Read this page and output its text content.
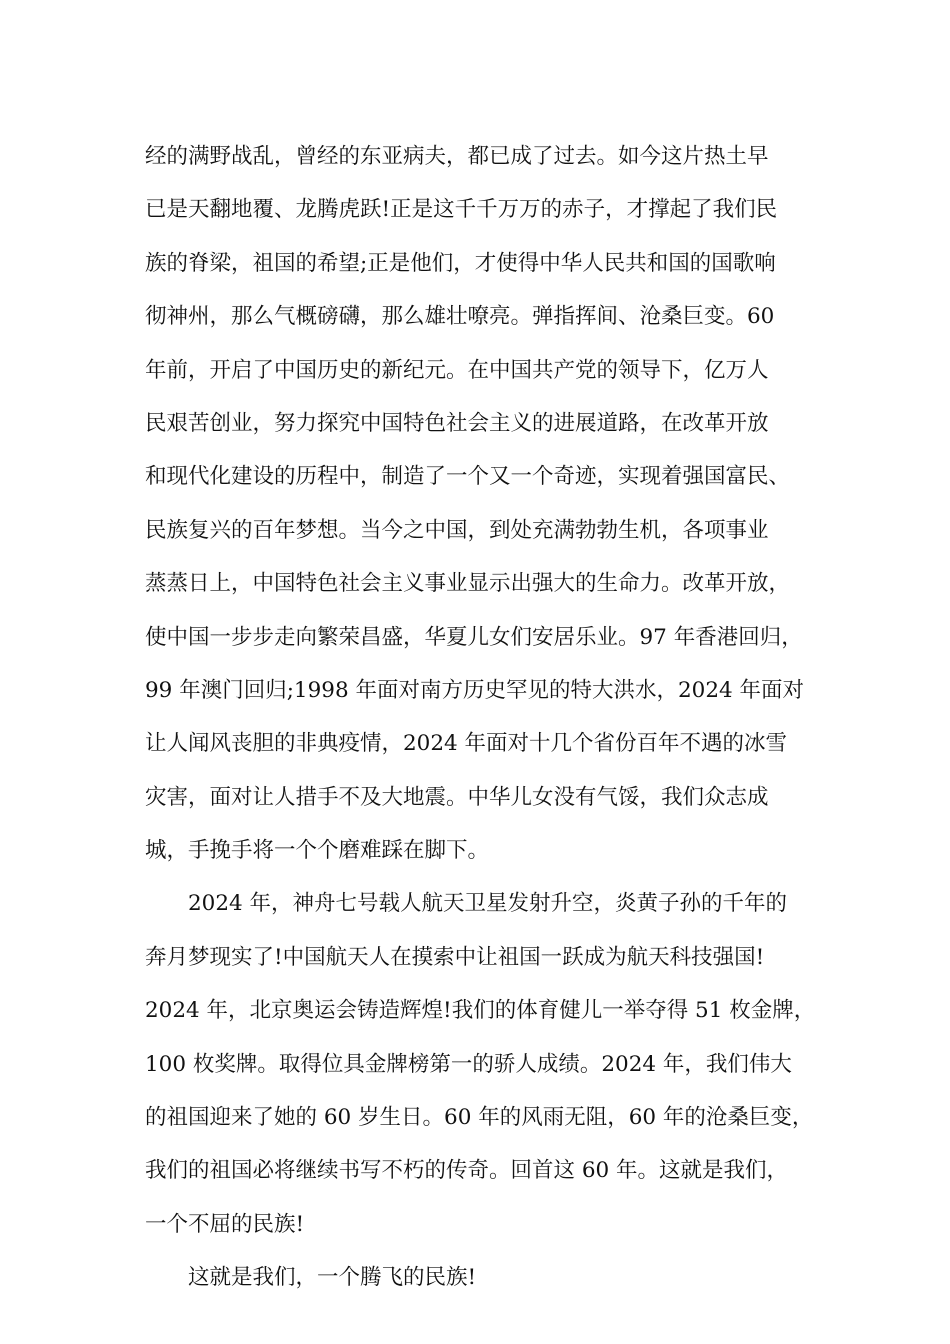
经的满野战乱，曾经的东亚病夫，都已成了过去。如今这片热土早
已是天翻地覆、龙腾虎跃!正是这千千万万的赤子，才撑起了我们民
族的脊梁，祖国的希望;正是他们，才使得中华人民共和国的国歌响
彻神州，那么气概磅礴，那么雄壮嘹亮。弹指挥间、沧桑巨变。60
年前，开启了中国历史的新纪元。在中国共产党的领导下，亿万人
民艰苦创业，努力探究中国特色社会主义的进展道路，在改革开放
和现代化建设的历程中，制造了一个又一个奇迹，实现着强国富民、
民族复兴的百年梦想。当今之中国，到处充满勃勃生机，各项事业
蒸蒸日上，中国特色社会主义事业显示出强大的生命力。改革开放，
使中国一步步走向繁荣昌盛，华夏儿女们安居乐业。97 年香港回归，
99 年澳门回归;1998 年面对南方历史罕见的特大洪水，2024 年面对
让人闻风丧胆的非典疫情，2024 年面对十几个省份百年不遇的冰雪
灾害，面对让人措手不及大地震。中华儿女没有气馁，我们众志成
城，手挽手将一个个磨难踩在脚下。
2024 年，神舟七号载人航天卫星发射升空，炎黄子孙的千年的
奔月梦现实了!中国航天人在摸索中让祖国一跃成为航天科技强国!
2024 年，北京奥运会铸造辉煌!我们的体育健儿一举夺得 51 枚金牌，
100 枚奖牌。取得位具金牌榜第一的骄人成绩。2024 年，我们伟大
的祖国迎来了她的 60 岁生日。60 年的风雨无阻，60 年的沧桑巨变，
我们的祖国必将继续书写不朽的传奇。回首这 60 年。这就是我们，
一个不屈的民族!
这就是我们，一个腾飞的民族!
